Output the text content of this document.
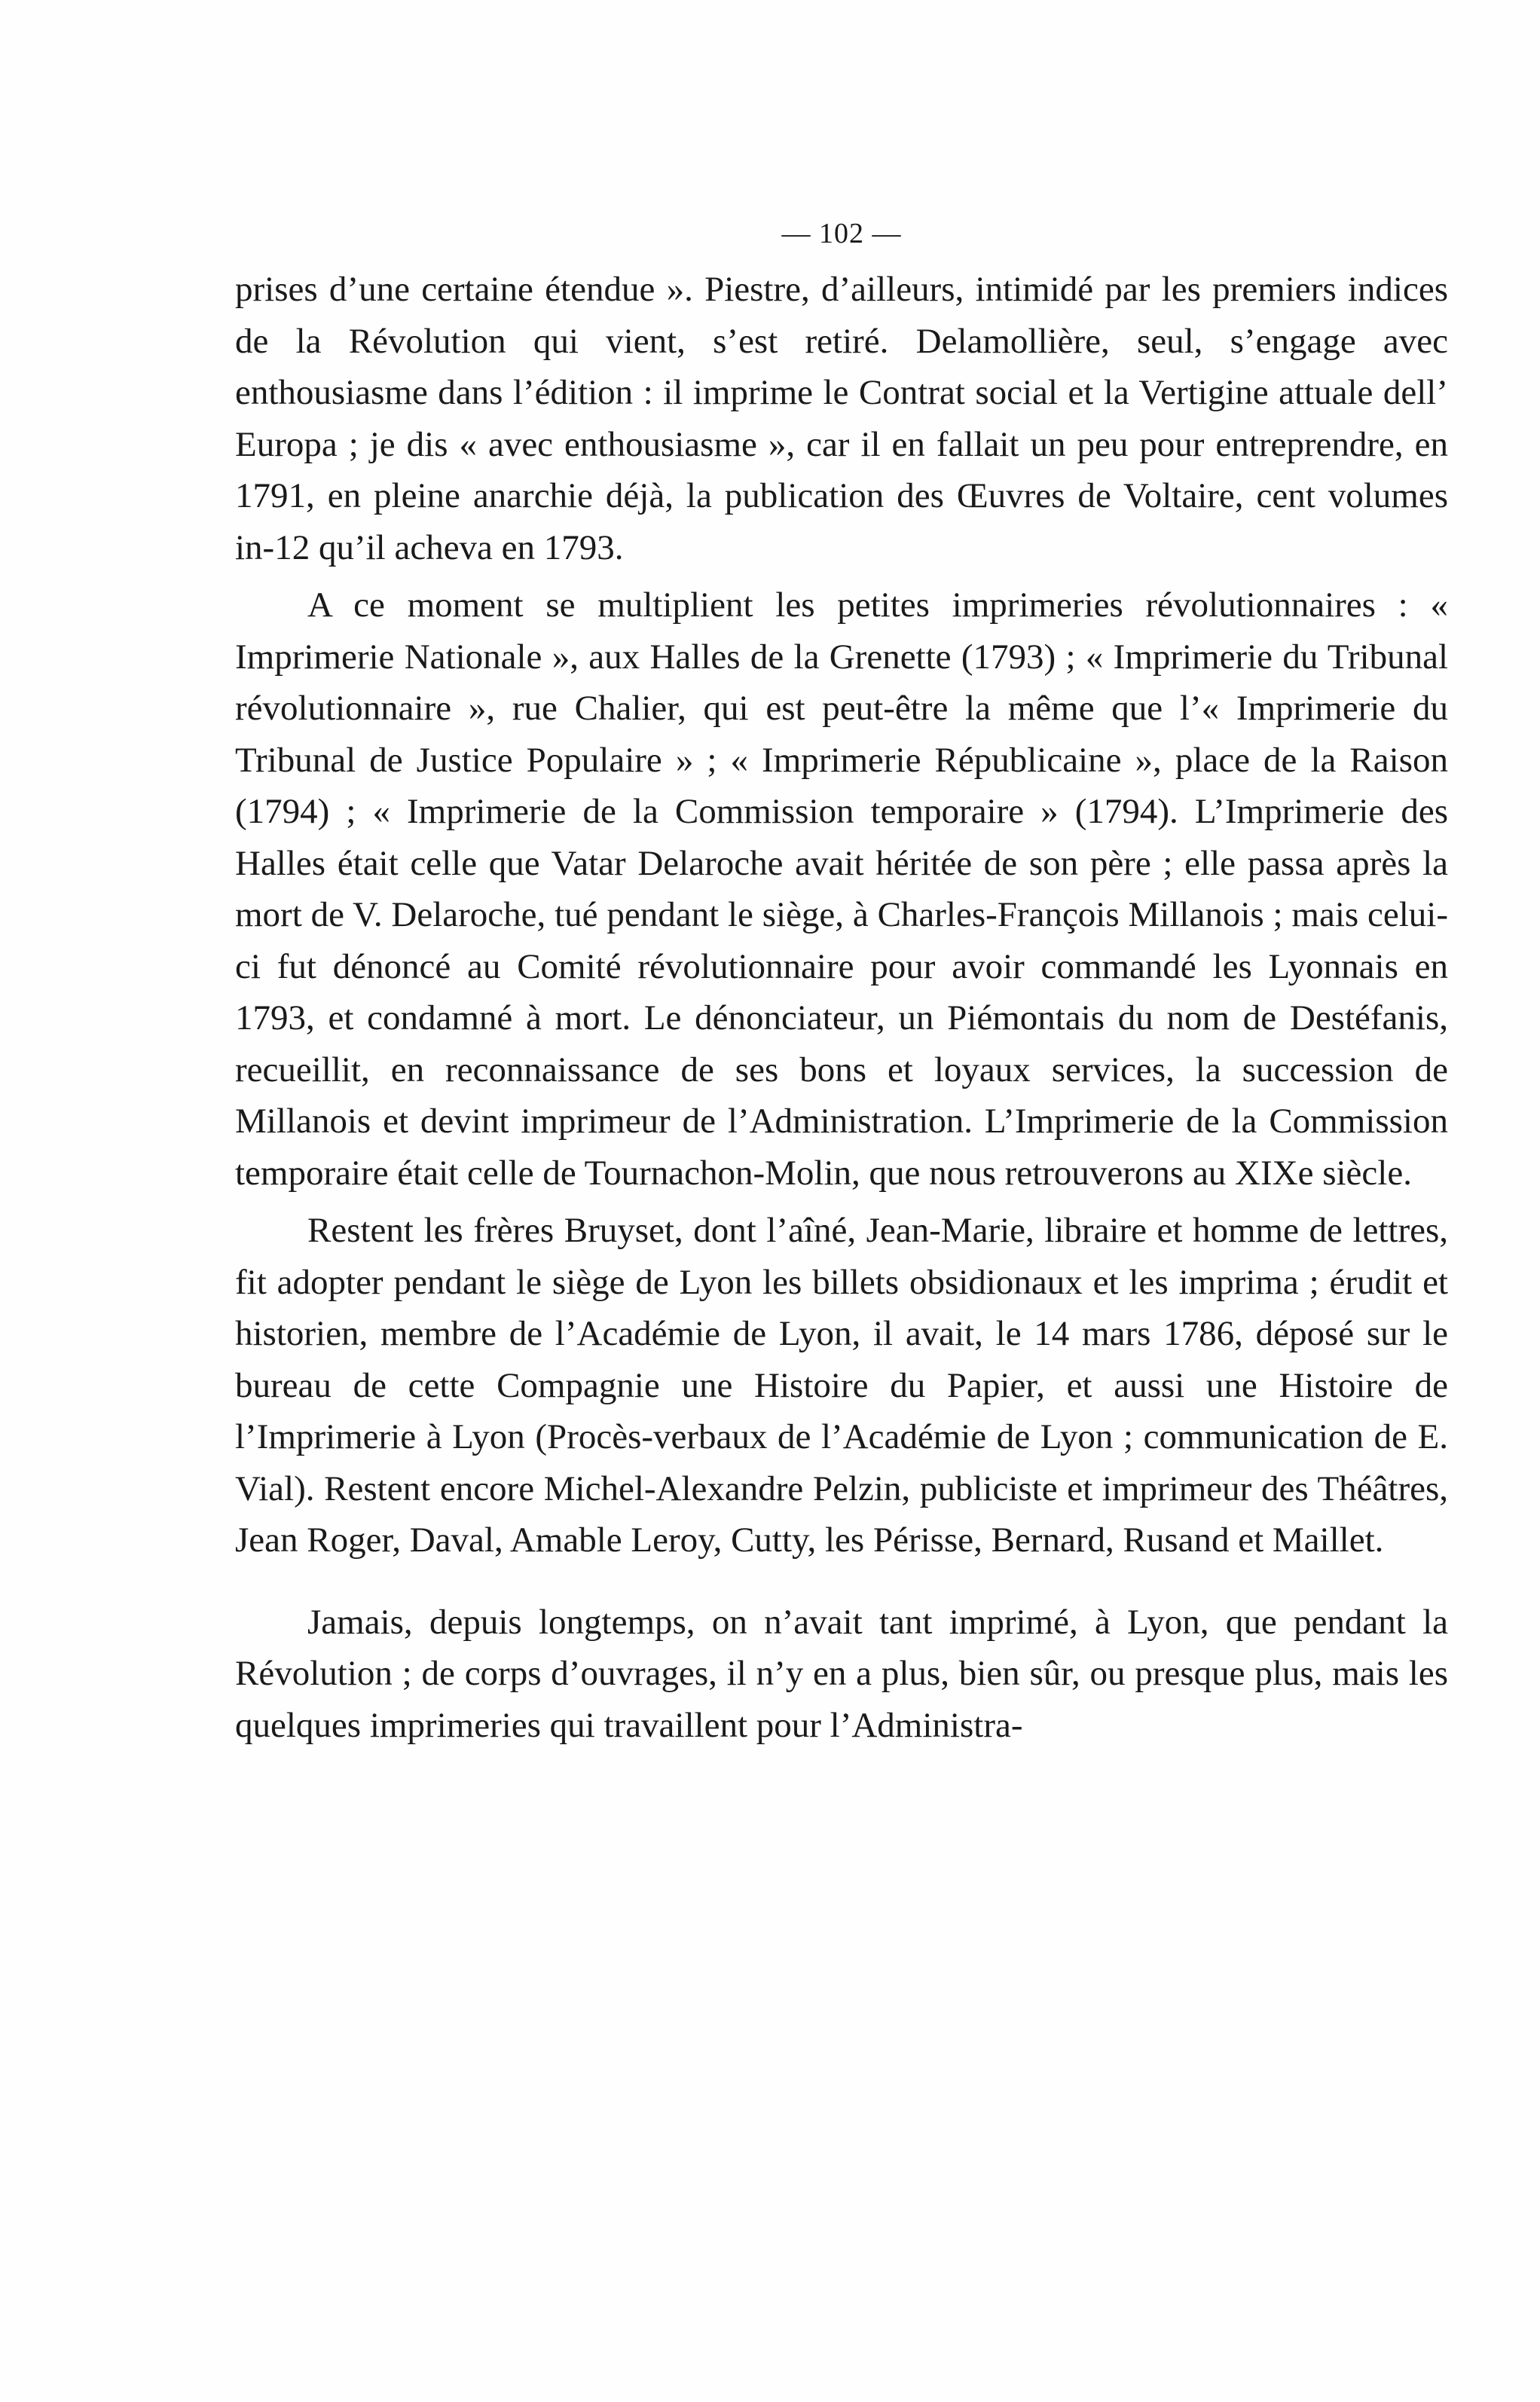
— 102 —

prises d’une certaine étendue ». Piestre, d’ailleurs, intimidé par les premiers indices de la Révolution qui vient, s’est retiré. Delamollière, seul, s’engage avec enthousiasme dans l’édition : il imprime le Contrat social et la Vertigine attuale dell’ Europa ; je dis « avec enthousiasme », car il en fallait un peu pour entreprendre, en 1791, en pleine anarchie déjà, la publication des Œuvres de Voltaire, cent volumes in-12 qu’il acheva en 1793.

A ce moment se multiplient les petites imprimeries révolutionnaires : « Imprimerie Nationale », aux Halles de la Grenette (1793) ; « Imprimerie du Tribunal révolutionnaire », rue Chalier, qui est peut-être la même que l’« Imprimerie du Tribunal de Justice Populaire » ; « Imprimerie Républicaine », place de la Raison (1794) ; « Imprimerie de la Commission temporaire » (1794). L’Imprimerie des Halles était celle que Vatar Delaroche avait héritée de son père ; elle passa après la mort de V. Delaroche, tué pendant le siège, à Charles-François Millanois ; mais celui-ci fut dénoncé au Comité révolutionnaire pour avoir commandé les Lyonnais en 1793, et condamné à mort. Le dénonciateur, un Piémontais du nom de Destéfanis, recueillit, en reconnaissance de ses bons et loyaux services, la succession de Millanois et devint imprimeur de l’Administration. L’Imprimerie de la Commission temporaire était celle de Tournachon-Molin, que nous retrouverons au XIXe siècle.

Restent les frères Bruyset, dont l’aîné, Jean-Marie, libraire et homme de lettres, fit adopter pendant le siège de Lyon les billets obsidionaux et les imprima ; érudit et historien, membre de l’Académie de Lyon, il avait, le 14 mars 1786, déposé sur le bureau de cette Compagnie une Histoire du Papier, et aussi une Histoire de l’Imprimerie à Lyon (Procès-verbaux de l’Académie de Lyon ; communication de E. Vial). Restent encore Michel-Alexandre Pelzin, publiciste et imprimeur des Théâtres, Jean Roger, Daval, Amable Leroy, Cutty, les Périsse, Bernard, Rusand et Maillet.

Jamais, depuis longtemps, on n’avait tant imprimé, à Lyon, que pendant la Révolution ; de corps d’ouvrages, il n’y en a plus, bien sûr, ou presque plus, mais les quelques imprimeries qui travaillent pour l’Administra-
